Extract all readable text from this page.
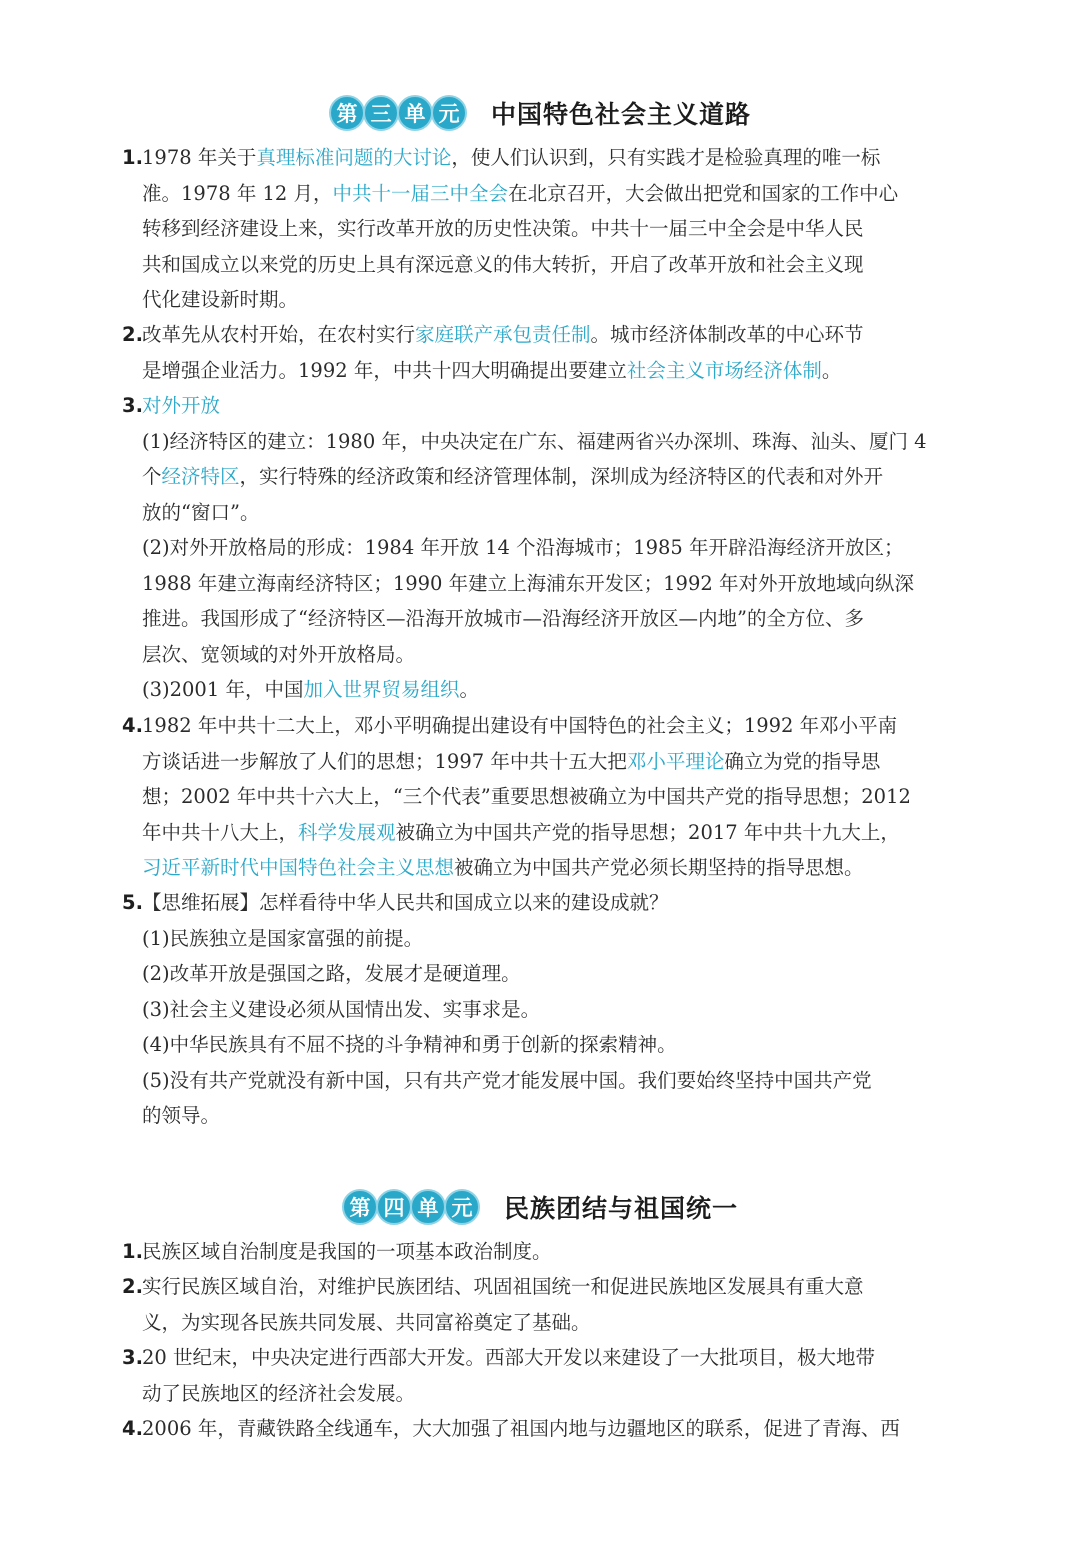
第 三 单 元	中国特色社会主义道路
1. 1978 年关于真理标准问题的大讨论，使人们认识到，只有实践才是检验真理的唯一标
准。1978 年 12 月，中共十一届三中全会在北京召开，大会做出把党和国家的工作中心
转移到经济建设上来，实行改革开放的历史性决策。中共十一届三中全会是中华人民
共和国成立以来党的历史上具有深远意义的伟大转折，开启了改革开放和社会主义现
代化建设新时期。
2. 改革先从农村开始，在农村实行家庭联产承包责任制。城市经济体制改革的中心环节
是增强企业活力。1992 年，中共十四大明确提出要建立社会主义市场经济体制。
3. 对外开放
(1)经济特区的建立：1980 年，中央决定在广东、福建两省兴办深圳、珠海、汕头、厦门 4
个经济特区，实行特殊的经济政策和经济管理体制，深圳成为经济特区的代表和对外开
放的“窗口”。
(2)对外开放格局的形成：1984 年开放 14 个沿海城市；1985 年开辟沿海经济开放区；
1988 年建立海南经济特区；1990 年建立上海浦东开发区；1992 年对外开放地域向纵深
推进。我国形成了“经济特区—沿海开放城市—沿海经济开放区—内地”的全方位、多
层次、宽领域的对外开放格局。
(3)2001 年，中国加入世界贸易组织。
4. 1982 年中共十二大上，邓小平明确提出建设有中国特色的社会主义；1992 年邓小平南
方谈话进一步解放了人们的思想；1997 年中共十五大把邓小平理论确立为党的指导思
想；2002 年中共十六大上，“三个代表”重要思想被确立为中国共产党的指导思想；2012
年中共十八大上，科学发展观被确立为中国共产党的指导思想；2017 年中共十九大上，
习近平新时代中国特色社会主义思想被确立为中国共产党必须长期坚持的指导思想。
5. 【思维拓展】怎样看待中华人民共和国成立以来的建设成就？
(1)民族独立是国家富强的前提。
(2)改革开放是强国之路，发展才是硬道理。
(3)社会主义建设必须从国情出发、实事求是。
(4)中华民族具有不屈不挠的斗争精神和勇于创新的探索精神。
(5)没有共产党就没有新中国，只有共产党才能发展中国。我们要始终坚持中国共产党
的领导。
第 四 单 元	民族团结与祖国统一
1. 民族区域自治制度是我国的一项基本政治制度。
2. 实行民族区域自治，对维护民族团结、巩固祖国统一和促进民族地区发展具有重大意
义，为实现各民族共同发展、共同富裕奠定了基础。
3. 20 世纪末，中央决定进行西部大开发。西部大开发以来建设了一大批项目，极大地带
动了民族地区的经济社会发展。
4. 2006 年，青藏铁路全线通车，大大加强了祖国内地与边疆地区的联系，促进了青海、西
